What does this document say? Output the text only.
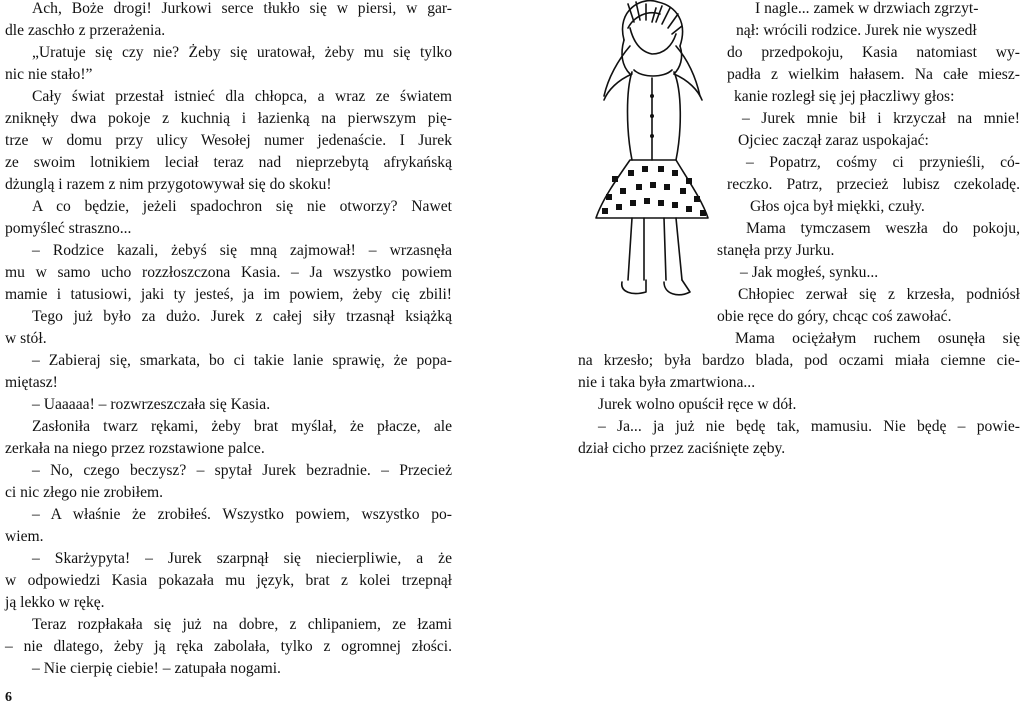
Ach, Boże drogi! Jurkowi serce tłukło się w piersi, w gar-
dle zaschło z przerażenia.
„Uratuje się czy nie? Żeby się uratował, żeby mu się tylko
nic nie stało!”
Cały świat przestał istnieć dla chłopca, a wraz ze światem
zniknęły dwa pokoje z kuchnią i łazienką na pierwszym pię-
trze w domu przy ulicy Wesołej numer jedenaście. I Jurek
ze swoim lotnikiem leciał teraz nad nieprzebytą afrykańską
dżunglą i razem z nim przygotowywał się do skoku!
A co będzie, jeżeli spadochron się nie otworzy? Nawet
pomyśleć straszno...
– Rodzice kazali, żebyś się mną zajmował! – wrzasnęła
mu w samo ucho rozzłoszczona Kasia. – Ja wszystko powiem
mamie i tatusiowi, jaki ty jesteś, ja im powiem, żeby cię zbili!
Tego już było za dużo. Jurek z całej siły trzasnął książką
w stół.
– Zabieraj się, smarkata, bo ci takie lanie sprawię, że popa-
miętasz!
– Uaaaaa! – rozwrzeszczała się Kasia.
Zasłoniła twarz rękami, żeby brat myślał, że płacze, ale
zerkała na niego przez rozstawione palce.
– No, czego beczysz? – spytał Jurek bezradnie. – Przecież
ci nic złego nie zrobiłem.
– A właśnie że zrobiłeś. Wszystko powiem, wszystko po-
wiem.
– Skarżypyta! – Jurek szarpnął się niecierpliwie, a że
w odpowiedzi Kasia pokazała mu język, brat z kolei trzepnął
ją lekko w rękę.
Teraz rozpłakała się już na dobre, z chlipaniem, ze łzami
– nie dlatego, żeby ją ręka zabolała, tylko z ogromnej złości.
– Nie cierpię ciebie! – zatupała nogami.
I nagle... zamek w drzwiach zgrzyt-
nął: wrócili rodzice. Jurek nie wyszedł
do przedpokoju, Kasia natomiast wy-
padła z wielkim hałasem. Na całe miesz-
kanie rozległ się jej płaczliwy głos:
– Jurek mnie bił i krzyczał na mnie!
Ojciec zaczął zaraz uspokajać:
– Popatrz, cośmy ci przynieśli, có-
reczko. Patrz, przecież lubisz czekoladę.
Głos ojca był miękki, czuły.
Mama tymczasem weszła do pokoju,
stanęła przy Jurku.
– Jak mogłeś, synku...
Chłopiec zerwał się z krzesła, podniósł
obie ręce do góry, chcąc coś zawołać.
Mama ociężałym ruchem osunęła się
na krzesło; była bardzo blada, pod oczami miała ciemne cie-
nie i taka była zmartwiona...
Jurek wolno opuścił ręce w dół.
– Ja... ja już nie będę tak, mamusiu. Nie będę – powie-
dział cicho przez zaciśnięte zęby.
6
